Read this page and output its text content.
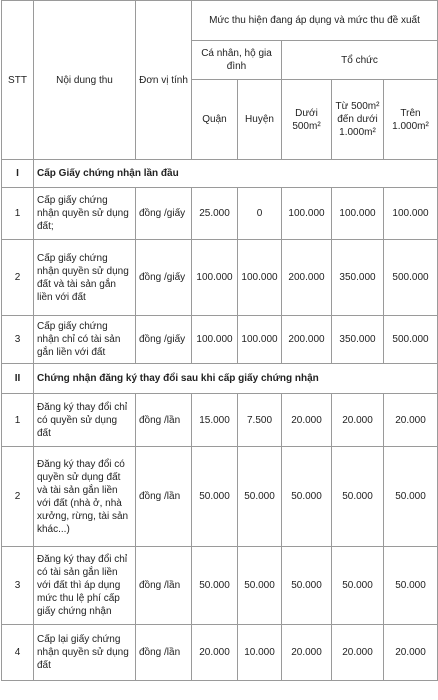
STT	Nội dung thu	Đơn vị tính	Mức thu hiện đang áp dụng và mức thu đề xuất				
			Cá nhân, hộ gia đình		Tổ chức		
			Quận	Huyện	Dưới 500m²	Từ 500m² đến dưới 1.000m²	Trên 1.000m²
I	Cấp Giấy chứng nhận lần đầu						
1	Cấp giấy chứng nhận quyền sử dụng đất;	đồng /giấy	25.000	0	100.000	100.000	100.000
2	Cấp giấy chứng nhận quyền sử dụng đất và tài sản gắn liền với đất	đồng /giấy	100.000	100.000	200.000	350.000	500.000
3	Cấp giấy chứng nhận chỉ có tài sản gắn liền với đất	đồng /giấy	100.000	100.000	200.000	350.000	500.000
II	Chứng nhận đăng ký thay đổi sau khi cấp giấy chứng nhận						
1	Đăng ký thay đổi chỉ có quyền sử dụng đất	đồng /lần	15.000	7.500	20.000	20.000	20.000
2	Đăng ký thay đổi có quyền sử dụng đất và tài sản gắn liền với đất (nhà ở, nhà xưởng, rừng, tài sản khác...)	đồng /lần	50.000	50.000	50.000	50.000	50.000
3	Đăng ký thay đổi chỉ có tài sản gắn liền với đất thì áp dụng mức thu lệ phí cấp giấy chứng nhận	đồng /lần	50.000	50.000	50.000	50.000	50.000
4	Cấp lại giấy chứng nhận quyền sử dụng đất	đồng /lần	20.000	10.000	20.000	20.000	20.000
